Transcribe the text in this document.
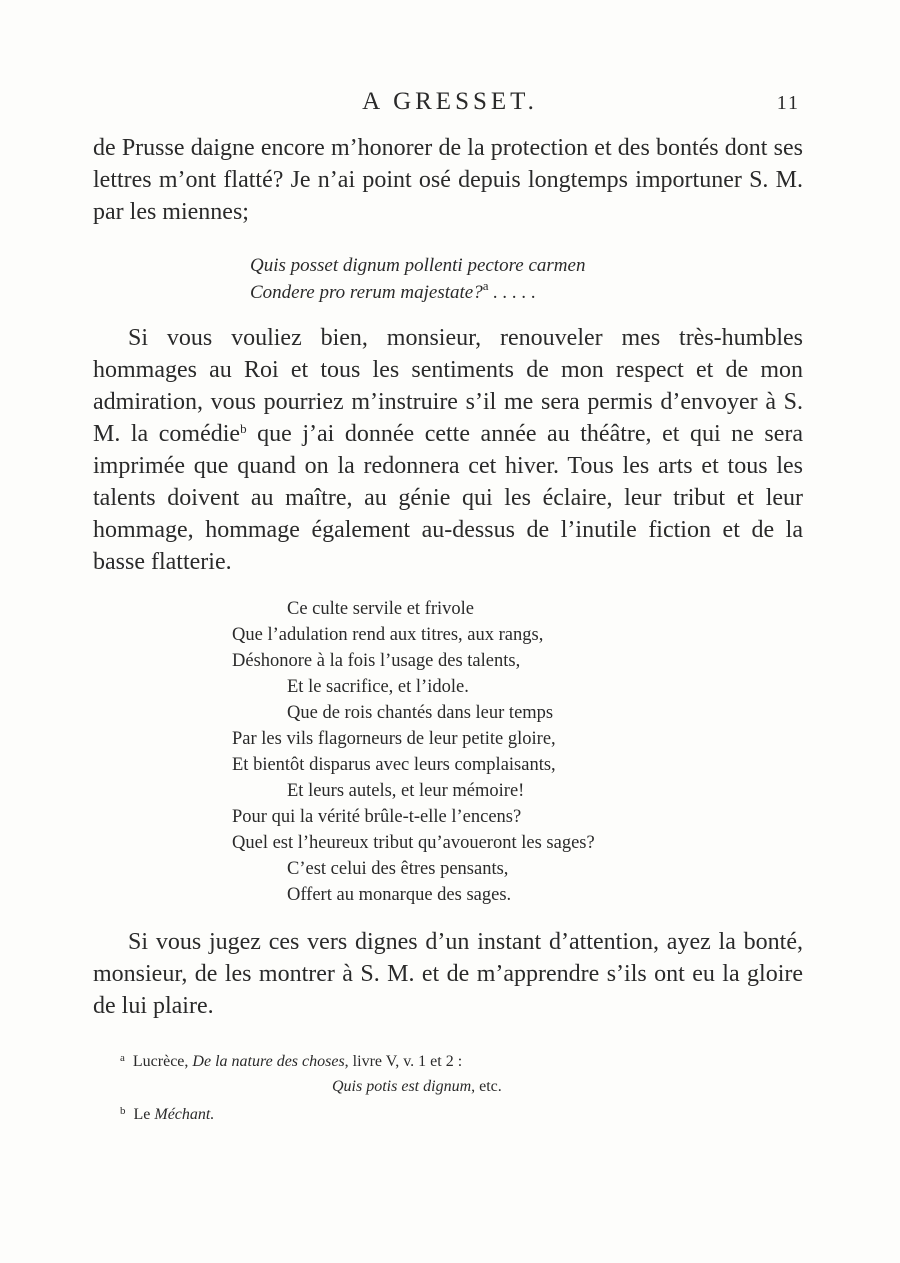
A GRESSET.	11

de Prusse daigne encore m’honorer de la protection et des bontés dont ses lettres m’ont flatté? Je n’ai point osé depuis longtemps importuner S. M. par les miennes;

Quis posset dignum pollenti pectore carmen
Condere pro rerum majestate?$^a$ . . . . .

Si vous vouliez bien, monsieur, renouveler mes très-humbles hommages au Roi et tous les sentiments de mon respect et de mon admiration, vous pourriez m’instruire s’il me sera permis d’envoyer à S. M. la comédie$^b$ que j’ai donnée cette année au théâtre, et qui ne sera imprimée que quand on la redonnera cet hiver. Tous les arts et tous les talents doivent au maître, au génie qui les éclaire, leur tribut et leur hommage, hommage également au-dessus de l’inutile fiction et de la basse flatterie.

Ce culte servile et frivole
Que l’adulation rend aux titres, aux rangs,
Déshonore à la fois l’usage des talents,
Et le sacrifice, et l’idole.
Que de rois chantés dans leur temps
Par les vils flagorneurs de leur petite gloire,
Et bientôt disparus avec leurs complaisants,
Et leurs autels, et leur mémoire!
Pour qui la vérité brûle-t-elle l’encens?
Quel est l’heureux tribut qu’avoueront les sages?
C’est celui des êtres pensants,
Offert au monarque des sages.

Si vous jugez ces vers dignes d’un instant d’attention, ayez la bonté, monsieur, de les montrer à S. M. et de m’apprendre s’ils ont eu la gloire de lui plaire.

$^a$ Lucrèce, De la nature des choses, livre V, v. 1 et 2 :
Quis potis est dignum, etc.
$^b$ Le Méchant.
